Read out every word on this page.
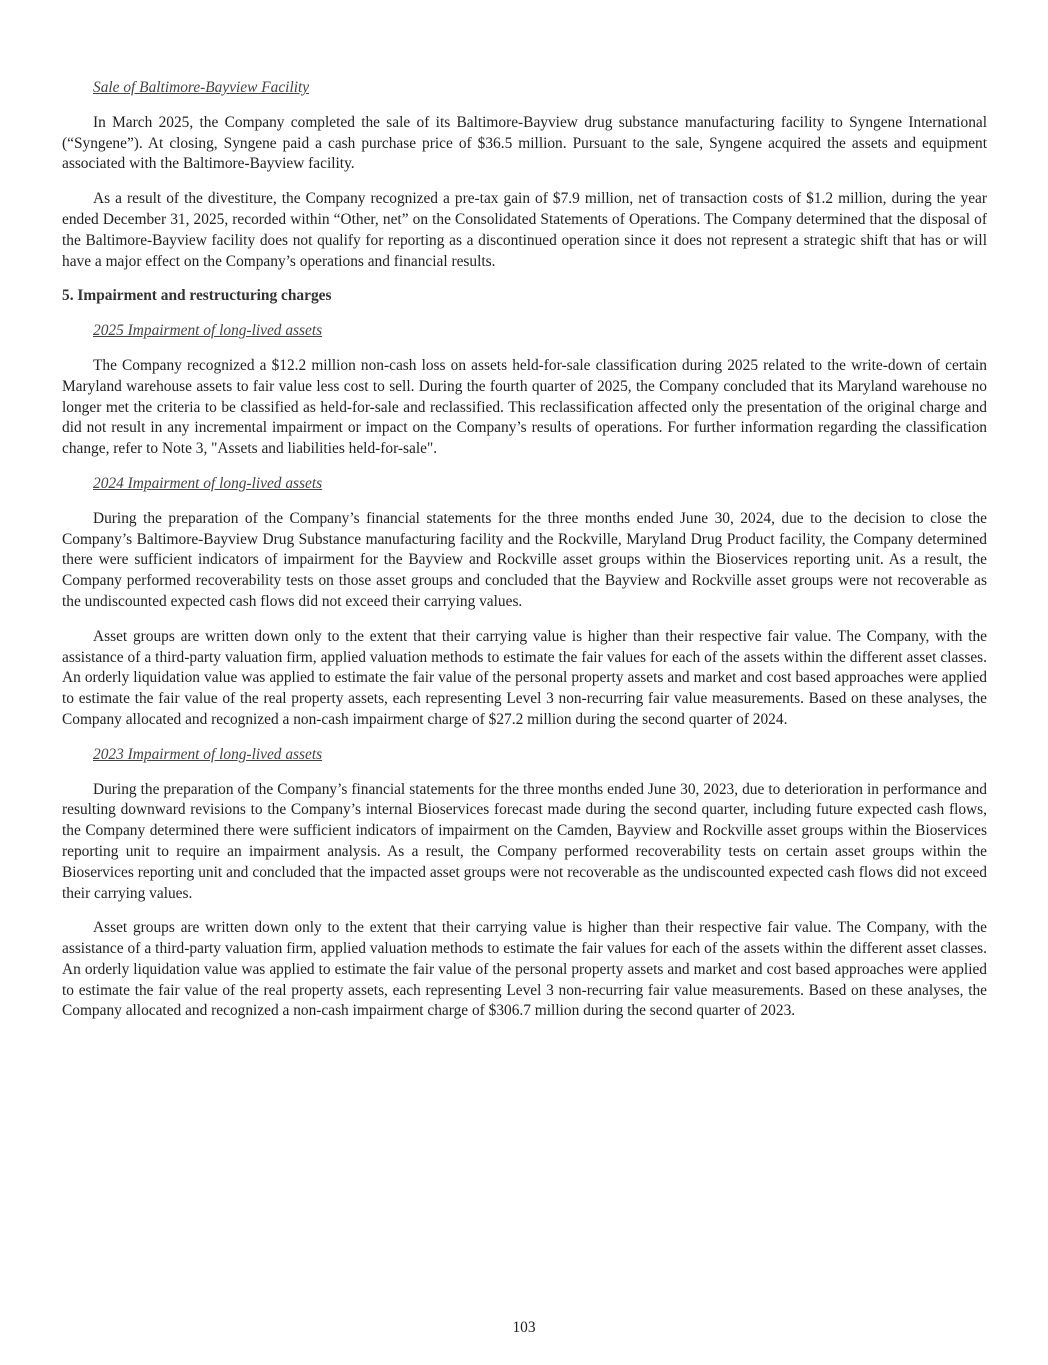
Sale of Baltimore-Bayview Facility

In March 2025, the Company completed the sale of its Baltimore-Bayview drug substance manufacturing facility to Syngene International (“Syngene”). At closing, Syngene paid a cash purchase price of $36.5 million. Pursuant to the sale, Syngene acquired the assets and equipment associated with the Baltimore-Bayview facility.

As a result of the divestiture, the Company recognized a pre-tax gain of $7.9 million, net of transaction costs of $1.2 million, during the year ended December 31, 2025, recorded within “Other, net” on the Consolidated Statements of Operations. The Company determined that the disposal of the Baltimore-Bayview facility does not qualify for reporting as a discontinued operation since it does not represent a strategic shift that has or will have a major effect on the Company’s operations and financial results.

5. Impairment and restructuring charges
2025 Impairment of long-lived assets

The Company recognized a $12.2 million non-cash loss on assets held-for-sale classification during 2025 related to the write-down of certain Maryland warehouse assets to fair value less cost to sell. During the fourth quarter of 2025, the Company concluded that its Maryland warehouse no longer met the criteria to be classified as held-for-sale and reclassified. This reclassification affected only the presentation of the original charge and did not result in any incremental impairment or impact on the Company’s results of operations. For further information regarding the classification change, refer to Note 3, "Assets and liabilities held-for-sale".

2024 Impairment of long-lived assets

During the preparation of the Company’s financial statements for the three months ended June 30, 2024, due to the decision to close the Company’s Baltimore-Bayview Drug Substance manufacturing facility and the Rockville, Maryland Drug Product facility, the Company determined there were sufficient indicators of impairment for the Bayview and Rockville asset groups within the Bioservices reporting unit. As a result, the Company performed recoverability tests on those asset groups and concluded that the Bayview and Rockville asset groups were not recoverable as the undiscounted expected cash flows did not exceed their carrying values.

Asset groups are written down only to the extent that their carrying value is higher than their respective fair value. The Company, with the assistance of a third-party valuation firm, applied valuation methods to estimate the fair values for each of the assets within the different asset classes. An orderly liquidation value was applied to estimate the fair value of the personal property assets and market and cost based approaches were applied to estimate the fair value of the real property assets, each representing Level 3 non-recurring fair value measurements. Based on these analyses, the Company allocated and recognized a non-cash impairment charge of $27.2 million during the second quarter of 2024.

2023 Impairment of long-lived assets

During the preparation of the Company’s financial statements for the three months ended June 30, 2023, due to deterioration in performance and resulting downward revisions to the Company’s internal Bioservices forecast made during the second quarter, including future expected cash flows, the Company determined there were sufficient indicators of impairment on the Camden, Bayview and Rockville asset groups within the Bioservices reporting unit to require an impairment analysis. As a result, the Company performed recoverability tests on certain asset groups within the Bioservices reporting unit and concluded that the impacted asset groups were not recoverable as the undiscounted expected cash flows did not exceed their carrying values.

Asset groups are written down only to the extent that their carrying value is higher than their respective fair value. The Company, with the assistance of a third-party valuation firm, applied valuation methods to estimate the fair values for each of the assets within the different asset classes. An orderly liquidation value was applied to estimate the fair value of the personal property assets and market and cost based approaches were applied to estimate the fair value of the real property assets, each representing Level 3 non-recurring fair value measurements. Based on these analyses, the Company allocated and recognized a non-cash impairment charge of $306.7 million during the second quarter of 2023.

103
